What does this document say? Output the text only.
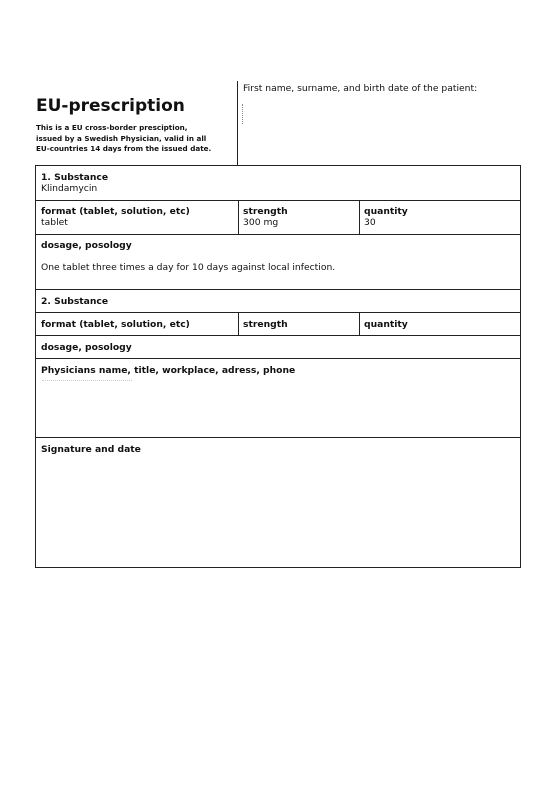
EU-prescription
This is a EU cross-border presciption,
issued by a Swedish Physician, valid in all
EU-countries 14 days from the issued date.
First name, surname, and birth date of the patient:
1. Substance
Klindamycin
format (tablet, solution, etc)
tablet
strength
300 mg
quantity
30
dosage, posology
One tablet three times a day for 10 days against local infection.
2. Substance
format (tablet, solution, etc)	strength	quantity
dosage, posology
Physicians name, title, workplace, adress, phone
Signature and date
